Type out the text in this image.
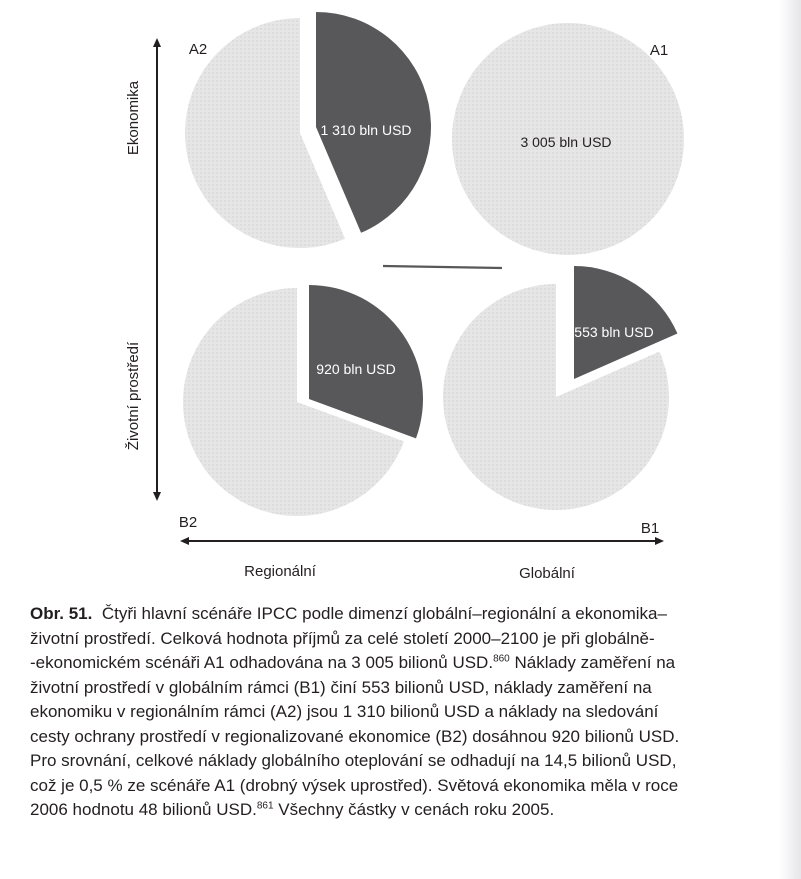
Ekonomika
Životní prostředí
Regionální	Globální
1 310 bln USD
A2
3 005 bln USD
A1
920 bln USD
B2
553 bln USD
B1
Obr. 51. Čtyři hlavní scénáře IPCC podle dimenzí globální–regionální a ekonomika–
životní prostředí. Celková hodnota příjmů za celé století 2000–2100 je při globálně-
-ekonomickém scénáři A1 odhadována na 3 005 bilionů USD.$^{860}$ Náklady zaměření na
životní prostředí v globálním rámci (B1) činí 553 bilionů USD, náklady zaměření na
ekonomiku v regionálním rámci (A2) jsou 1 310 bilionů USD a náklady na sledování
cesty ochrany prostředí v regionalizované ekonomice (B2) dosáhnou 920 bilionů USD.
Pro srovnání, celkové náklady globálního oteplování se odhadují na 14,5 bilionů USD,
což je 0,5 % ze scénáře A1 (drobný výsek uprostřed). Světová ekonomika měla v roce
2006 hodnotu 48 bilionů USD.$^{861}$ Všechny částky v cenách roku 2005.
